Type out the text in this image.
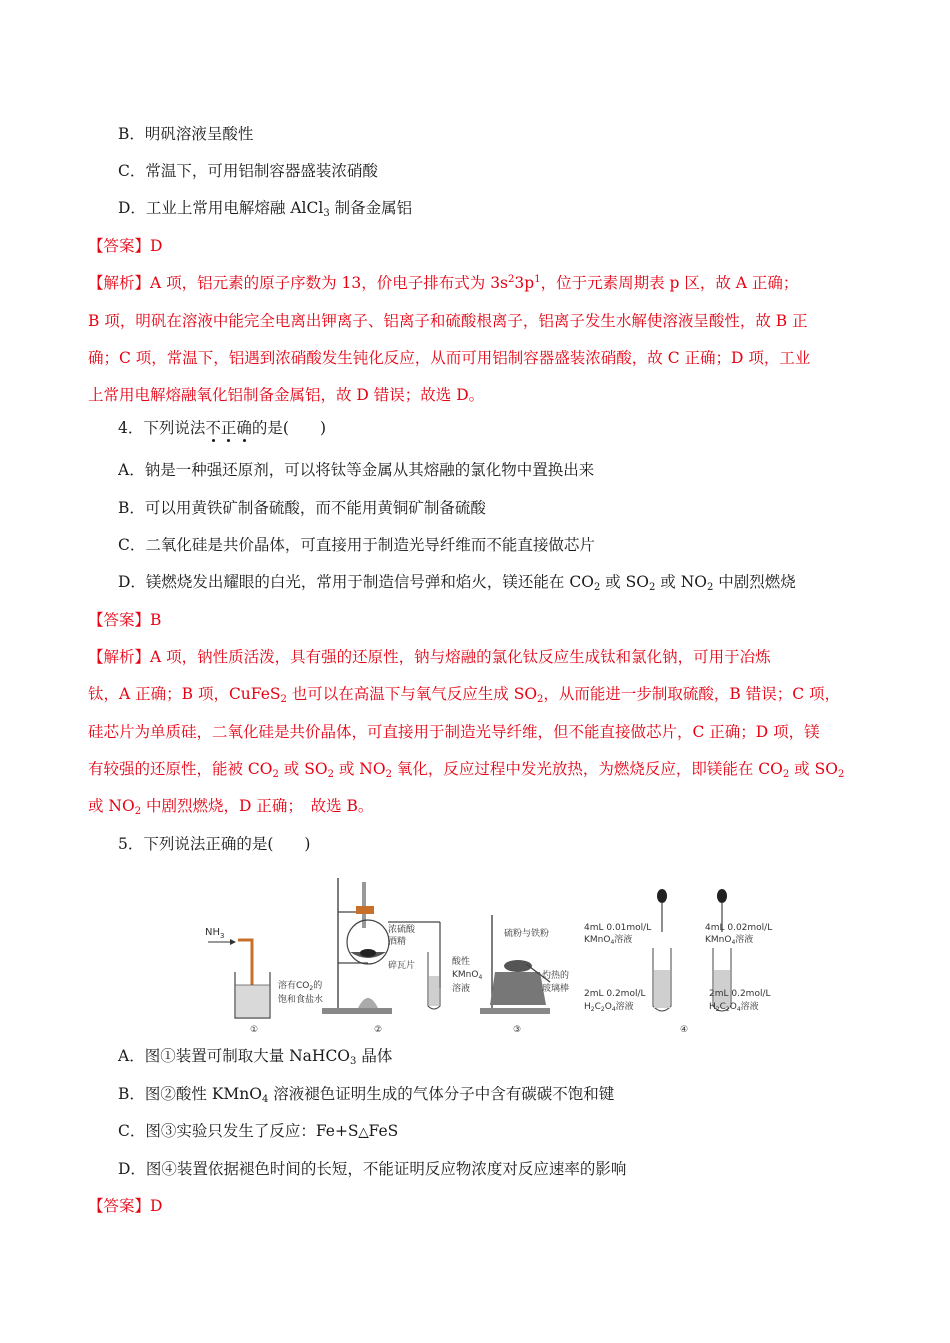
B．明矾溶液呈酸性
C．常温下，可用铝制容器盛装浓硝酸
D．工业上常用电解熔融 AlCl$_3$ 制备金属铝
【答案】D
【解析】A 项，铝元素的原子序数为 13，价电子排布式为 $3s^23p^1$，位于元素周期表 p 区，故 A 正确；
B 项，明矾在溶液中能完全电离出钾离子、铝离子和硫酸根离子，铝离子发生水解使溶液呈酸性，故 B 正
确；C 项，常温下，铝遇到浓硝酸发生钝化反应，从而可用铝制容器盛装浓硝酸，故 C 正确；D 项，工业
上常用电解熔融氧化铝制备金属铝，故 D 错误；故选 D。
4．下列说法不正确的是(　　)
A．钠是一种强还原剂，可以将钛等金属从其熔融的氯化物中置换出来
B．可以用黄铁矿制备硫酸，而不能用黄铜矿制备硫酸
C．二氧化硅是共价晶体，可直接用于制造光导纤维而不能直接做芯片
D．镁燃烧发出耀眼的白光，常用于制造信号弹和焰火，镁还能在 $CO_2$ 或 $SO_2$ 或 $NO_2$ 中剧烈燃烧
【答案】B
【解析】A 项，钠性质活泼，具有强的还原性，钠与熔融的氯化钛反应生成钛和氯化钠，可用于冶炼
钛，A 正确；B 项，CuFeS$_2$ 也可以在高温下与氧气反应生成 $SO_2$，从而能进一步制取硫酸，B 错误；C 项，
硅芯片为单质硅，二氧化硅是共价晶体，可直接用于制造光导纤维，但不能直接做芯片，C 正确；D 项，镁
有较强的还原性，能被 $CO_2$ 或 $SO_2$ 或 $NO_2$ 氧化，反应过程中发光放热，为燃烧反应，即镁能在 $CO_2$ 或 $SO_2$
或 $NO_2$ 中剧烈燃烧，D 正确；　故选 B。
5．下列说法正确的是(　　)
$NH_3$
溶有$CO_2$的
饱和食盐水
①
浓硫酸
酒精
碎瓦片	酸性
KMnO$_4$
溶液
②
硫粉与铁粉
灼热的
玻璃棒
③
4mL 0.01mol/L
KMnO$_4$溶液
4mL 0.02mol/L
KMnO$_4$溶液
2mL 0.2mol/L
$H_2C_2O_4$溶液
2mL 0.2mol/L
$H_2C_2O_4$溶液
④
A．图①装置可制取大量 NaHCO$_3$ 晶体
B．图②酸性 KMnO$_4$ 溶液褪色证明生成的气体分子中含有碳碳不饱和键
C．图③实验只发生了反应：Fe+S△FeS
D．图④装置依据褪色时间的长短，不能证明反应物浓度对反应速率的影响
【答案】D
